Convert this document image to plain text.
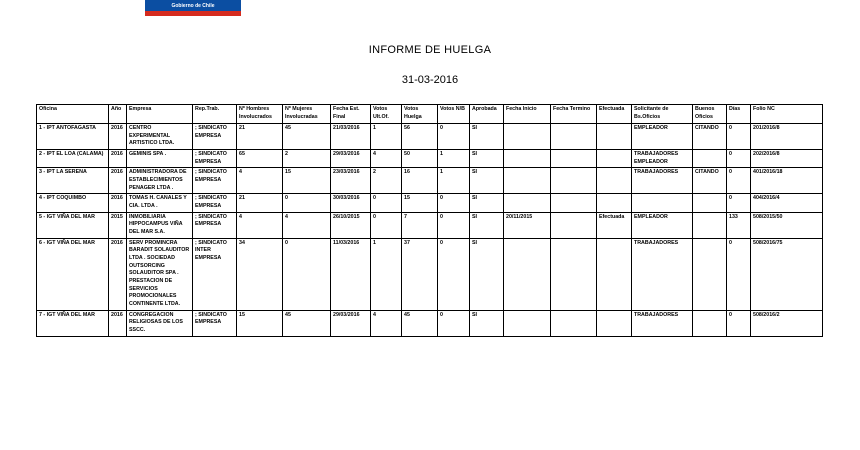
Gobierno de Chile
INFORME DE HUELGA
31-03-2016
Oficina	Año	Empresa	Rep.Trab.	Nº Hombres Involucrados	Nº Mujeres Involucradas	Fecha Est. Final	Votos Ult.Of.	Votos Huelga	Votos N/B	Aprobada	Fecha Inicio	Fecha Termino	Efectuada	Solicitante de Bs.Oficios	Buenos Oficios	Días	Folio NC
1 - IPT ANTOFAGASTA	2016	CENTRO EXPERIMENTAL ARTISTICO LTDA.	; SINDICATO EMPRESA	21	45	21/03/2016	1	56	0	SI				EMPLEADOR	CITANDO	0	201/2016/8
2 - IPT EL LOA (CALAMA)	2016	GEMINIS SPA .	; SINDICATO EMPRESA	65	2	29/03/2016	4	50	1	SI				TRABAJADORES EMPLEADOR		0	202/2016/8
3 - IPT LA SERENA	2016	ADMINISTRADORA DE ESTABLECIMIENTOS PENAGER LTDA .	; SINDICATO EMPRESA	4	15	23/03/2016	2	16	1	SI				TRABAJADORES	CITANDO	0	401/2016/18
4 - IPT COQUIMBO	2016	TOMAS H. CANALES Y CIA. LTDA .	; SINDICATO EMPRESA	21	0	30/03/2016	0	15	0	SI						0	404/2016/4
5 - IGT VIÑA DEL MAR	2015	INMOBILIARIA HIPPOCAMPUS VIÑA DEL MAR S.A.	; SINDICATO EMPRESA	4	4	26/10/2015	0	7	0	SI	20/11/2015		Efectuada	EMPLEADOR		133	508/2015/50
6 - IGT VIÑA DEL MAR	2016	SERV PROMINCRA BARADIT SOLAUDITOR LTDA . SOCIEDAD OUTSORCING SOLAUDITOR SPA . PRESTACION DE SERVICIOS PROMOCIONALES CONTINENTE LTDA.	; SINDICATO INTER EMPRESA	34	0	11/03/2016	1	37	0	SI				TRABAJADORES		0	508/2016/75
7 - IGT VIÑA DEL MAR	2016	CONGREGACION RELIGIOSAS DE LOS SSCC.	; SINDICATO EMPRESA	15	45	29/03/2016	4	45	0	SI				TRABAJADORES		0	508/2016/2
